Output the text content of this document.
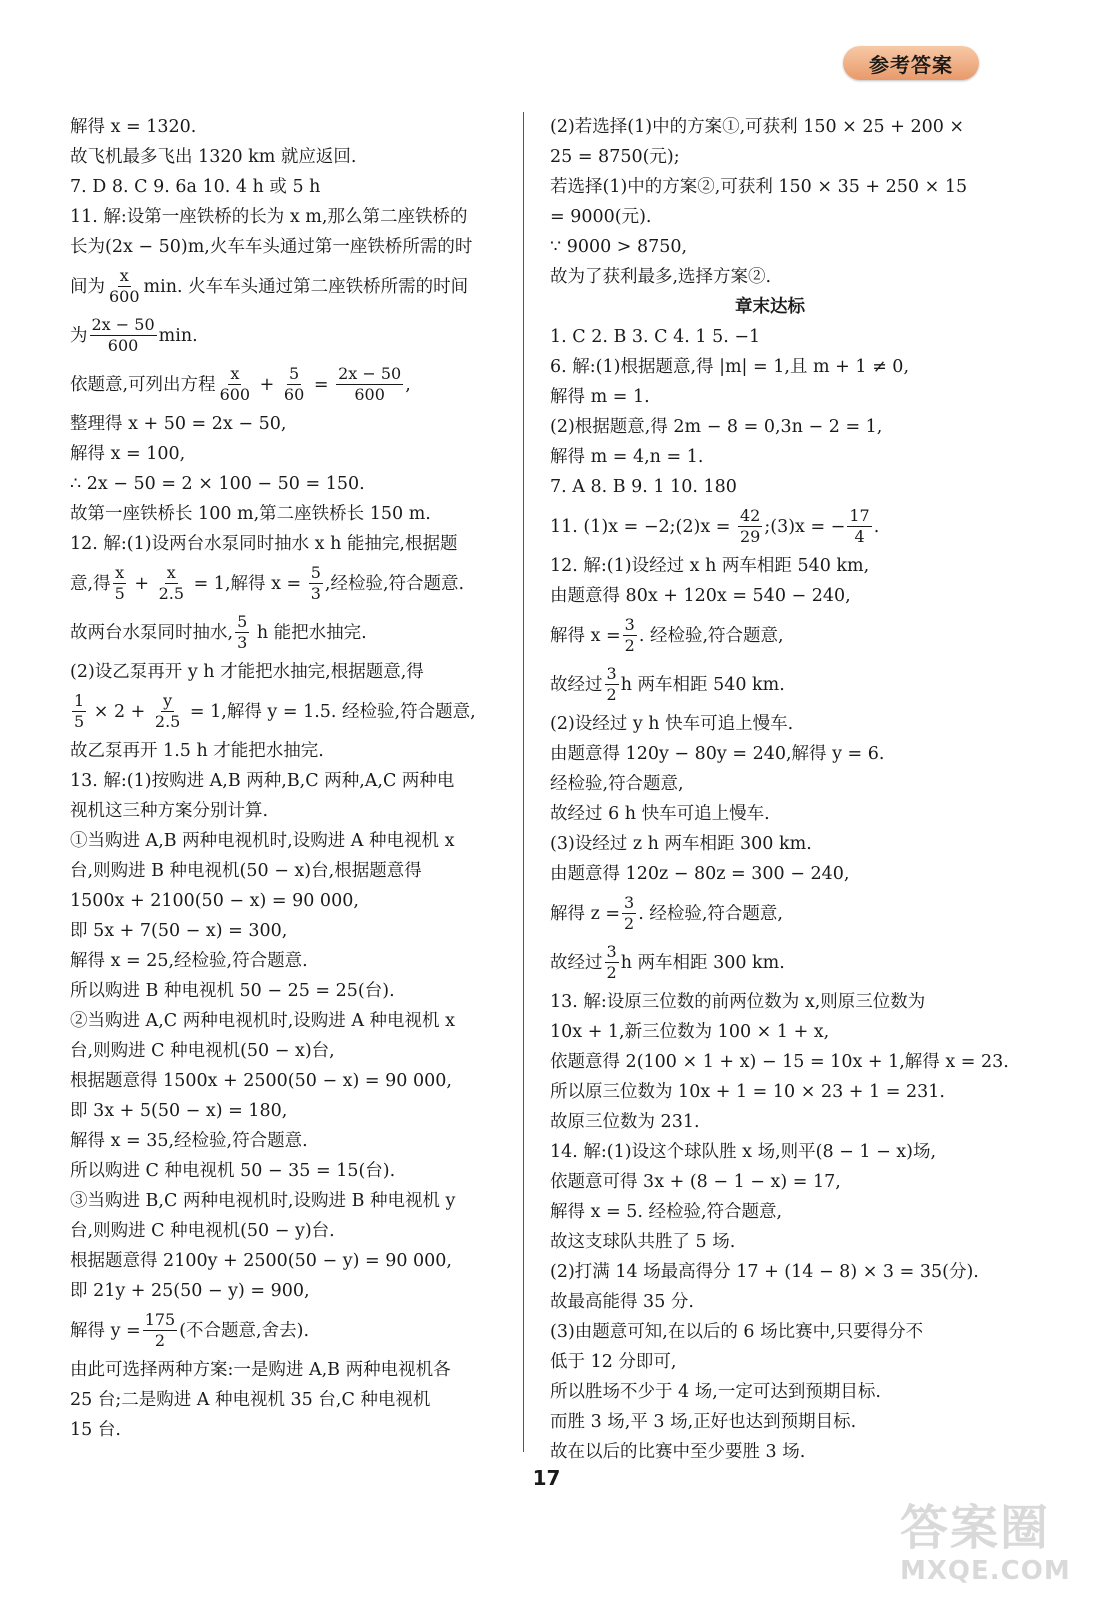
参考答案
解得 x = 1320.
故飞机最多飞出 1320 km 就应返回.
7. D 8. C 9. 6a 10. 4 h 或 5 h
11. 解:设第一座铁桥的长为 x m,那么第二座铁桥的
长为(2x − 50)m,火车车头通过第一座铁桥所需的时
间为 $\frac{x}{600} \min$. 火车车头通过第二座铁桥所需的时间
为 $\frac{2x - 50}{600} \min$.
依题意,可列出方程 $\frac{x}{600} + \frac{5}{60} = \frac{2x - 50}{600}$ ,
整理得 x + 50 = 2x − 50,
解得 x = 100,
∴ 2x − 50 = 2 × 100 − 50 = 150.
故第一座铁桥长 100 m,第二座铁桥长 150 m.
12. 解:(1)设两台水泵同时抽水 x h 能抽完,根据题
意,得 $\frac{x}{5} + \frac{x}{2.5} = 1$,解得 $x = \frac{5}{3}$ ,经检验,符合题意.
故两台水泵同时抽水, $\frac{5}{3}$ h 能把水抽完.
(2)设乙泵再开 y h 才能把水抽完,根据题意,得
$\frac{1}{5} \times 2 + \frac{y}{2.5} = 1$,解得 y = 1.5. 经检验,符合题意,
故乙泵再开 1.5 h 才能把水抽完.
13. 解:(1)按购进 A,B 两种,B,C 两种,A,C 两种电
视机这三种方案分别计算.
①当购进 A,B 两种电视机时,设购进 A 种电视机 x
台,则购进 B 种电视机(50 − x)台,根据题意得
1500x + 2100(50 − x) = 90 000,
即 5x + 7(50 − x) = 300,
解得 x = 25,经检验,符合题意.
所以购进 B 种电视机 50 − 25 = 25(台).
②当购进 A,C 两种电视机时,设购进 A 种电视机 x
台,则购进 C 种电视机(50 − x)台,
根据题意得 1500x + 2500(50 − x) = 90 000,
即 3x + 5(50 − x) = 180,
解得 x = 35,经检验,符合题意.
所以购进 C 种电视机 50 − 35 = 15(台).
③当购进 B,C 两种电视机时,设购进 B 种电视机 y
台,则购进 C 种电视机(50 − y)台.
根据题意得 2100y + 2500(50 − y) = 90 000,
即 21y + 25(50 − y) = 900,
解得 $y = \frac{175}{2}$ (不合题意,舍去).
由此可选择两种方案:一是购进 A,B 两种电视机各
25 台;二是购进 A 种电视机 35 台,C 种电视机
15 台.
(2)若选择(1)中的方案①,可获利 150 × 25 + 200 ×
25 = 8750(元);
若选择(1)中的方案②,可获利 150 × 35 + 250 × 15
= 9000(元).
∵ 9000 > 8750,
故为了获利最多,选择方案②.
章末达标
1. C 2. B 3. C 4. 1 5. −1
6. 解:(1)根据题意,得 |m| = 1,且 m + 1 ≠ 0,
解得 m = 1.
(2)根据题意,得 2m − 8 = 0,3n − 2 = 1,
解得 m = 4,n = 1.
7. A 8. B 9. 1 10. 180
11. (1)x = −2;(2)x = $\frac{42}{29}$ ;(3)x = − $\frac{17}{4}$ .
12. 解:(1)设经过 x h 两车相距 540 km,
由题意得 80x + 120x = 540 − 240,
解得 $x = \frac{3}{2}$ . 经检验,符合题意,
故经过 $\frac{3}{2}$ h 两车相距 540 km.
(2)设经过 y h 快车可追上慢车.
由题意得 120y − 80y = 240,解得 y = 6.
经检验,符合题意,
故经过 6 h 快车可追上慢车.
(3)设经过 z h 两车相距 300 km.
由题意得 120z − 80z = 300 − 240,
解得 $z = \frac{3}{2}$ . 经检验,符合题意,
故经过 $\frac{3}{2}$ h 两车相距 300 km.
13. 解:设原三位数的前两位数为 x,则原三位数为
10x + 1,新三位数为 100 × 1 + x,
依题意得 2(100 × 1 + x) − 15 = 10x + 1,解得 x = 23.
所以原三位数为 10x + 1 = 10 × 23 + 1 = 231.
故原三位数为 231.
14. 解:(1)设这个球队胜 x 场,则平(8 − 1 − x)场,
依题意可得 3x + (8 − 1 − x) = 17,
解得 x = 5. 经检验,符合题意,
故这支球队共胜了 5 场.
(2)打满 14 场最高得分 17 + (14 − 8) × 3 = 35(分).
故最高能得 35 分.
(3)由题意可知,在以后的 6 场比赛中,只要得分不
低于 12 分即可,
所以胜场不少于 4 场,一定可达到预期目标.
而胜 3 场,平 3 场,正好也达到预期目标.
故在以后的比赛中至少要胜 3 场.
17
答案圈
MXQE.COM
